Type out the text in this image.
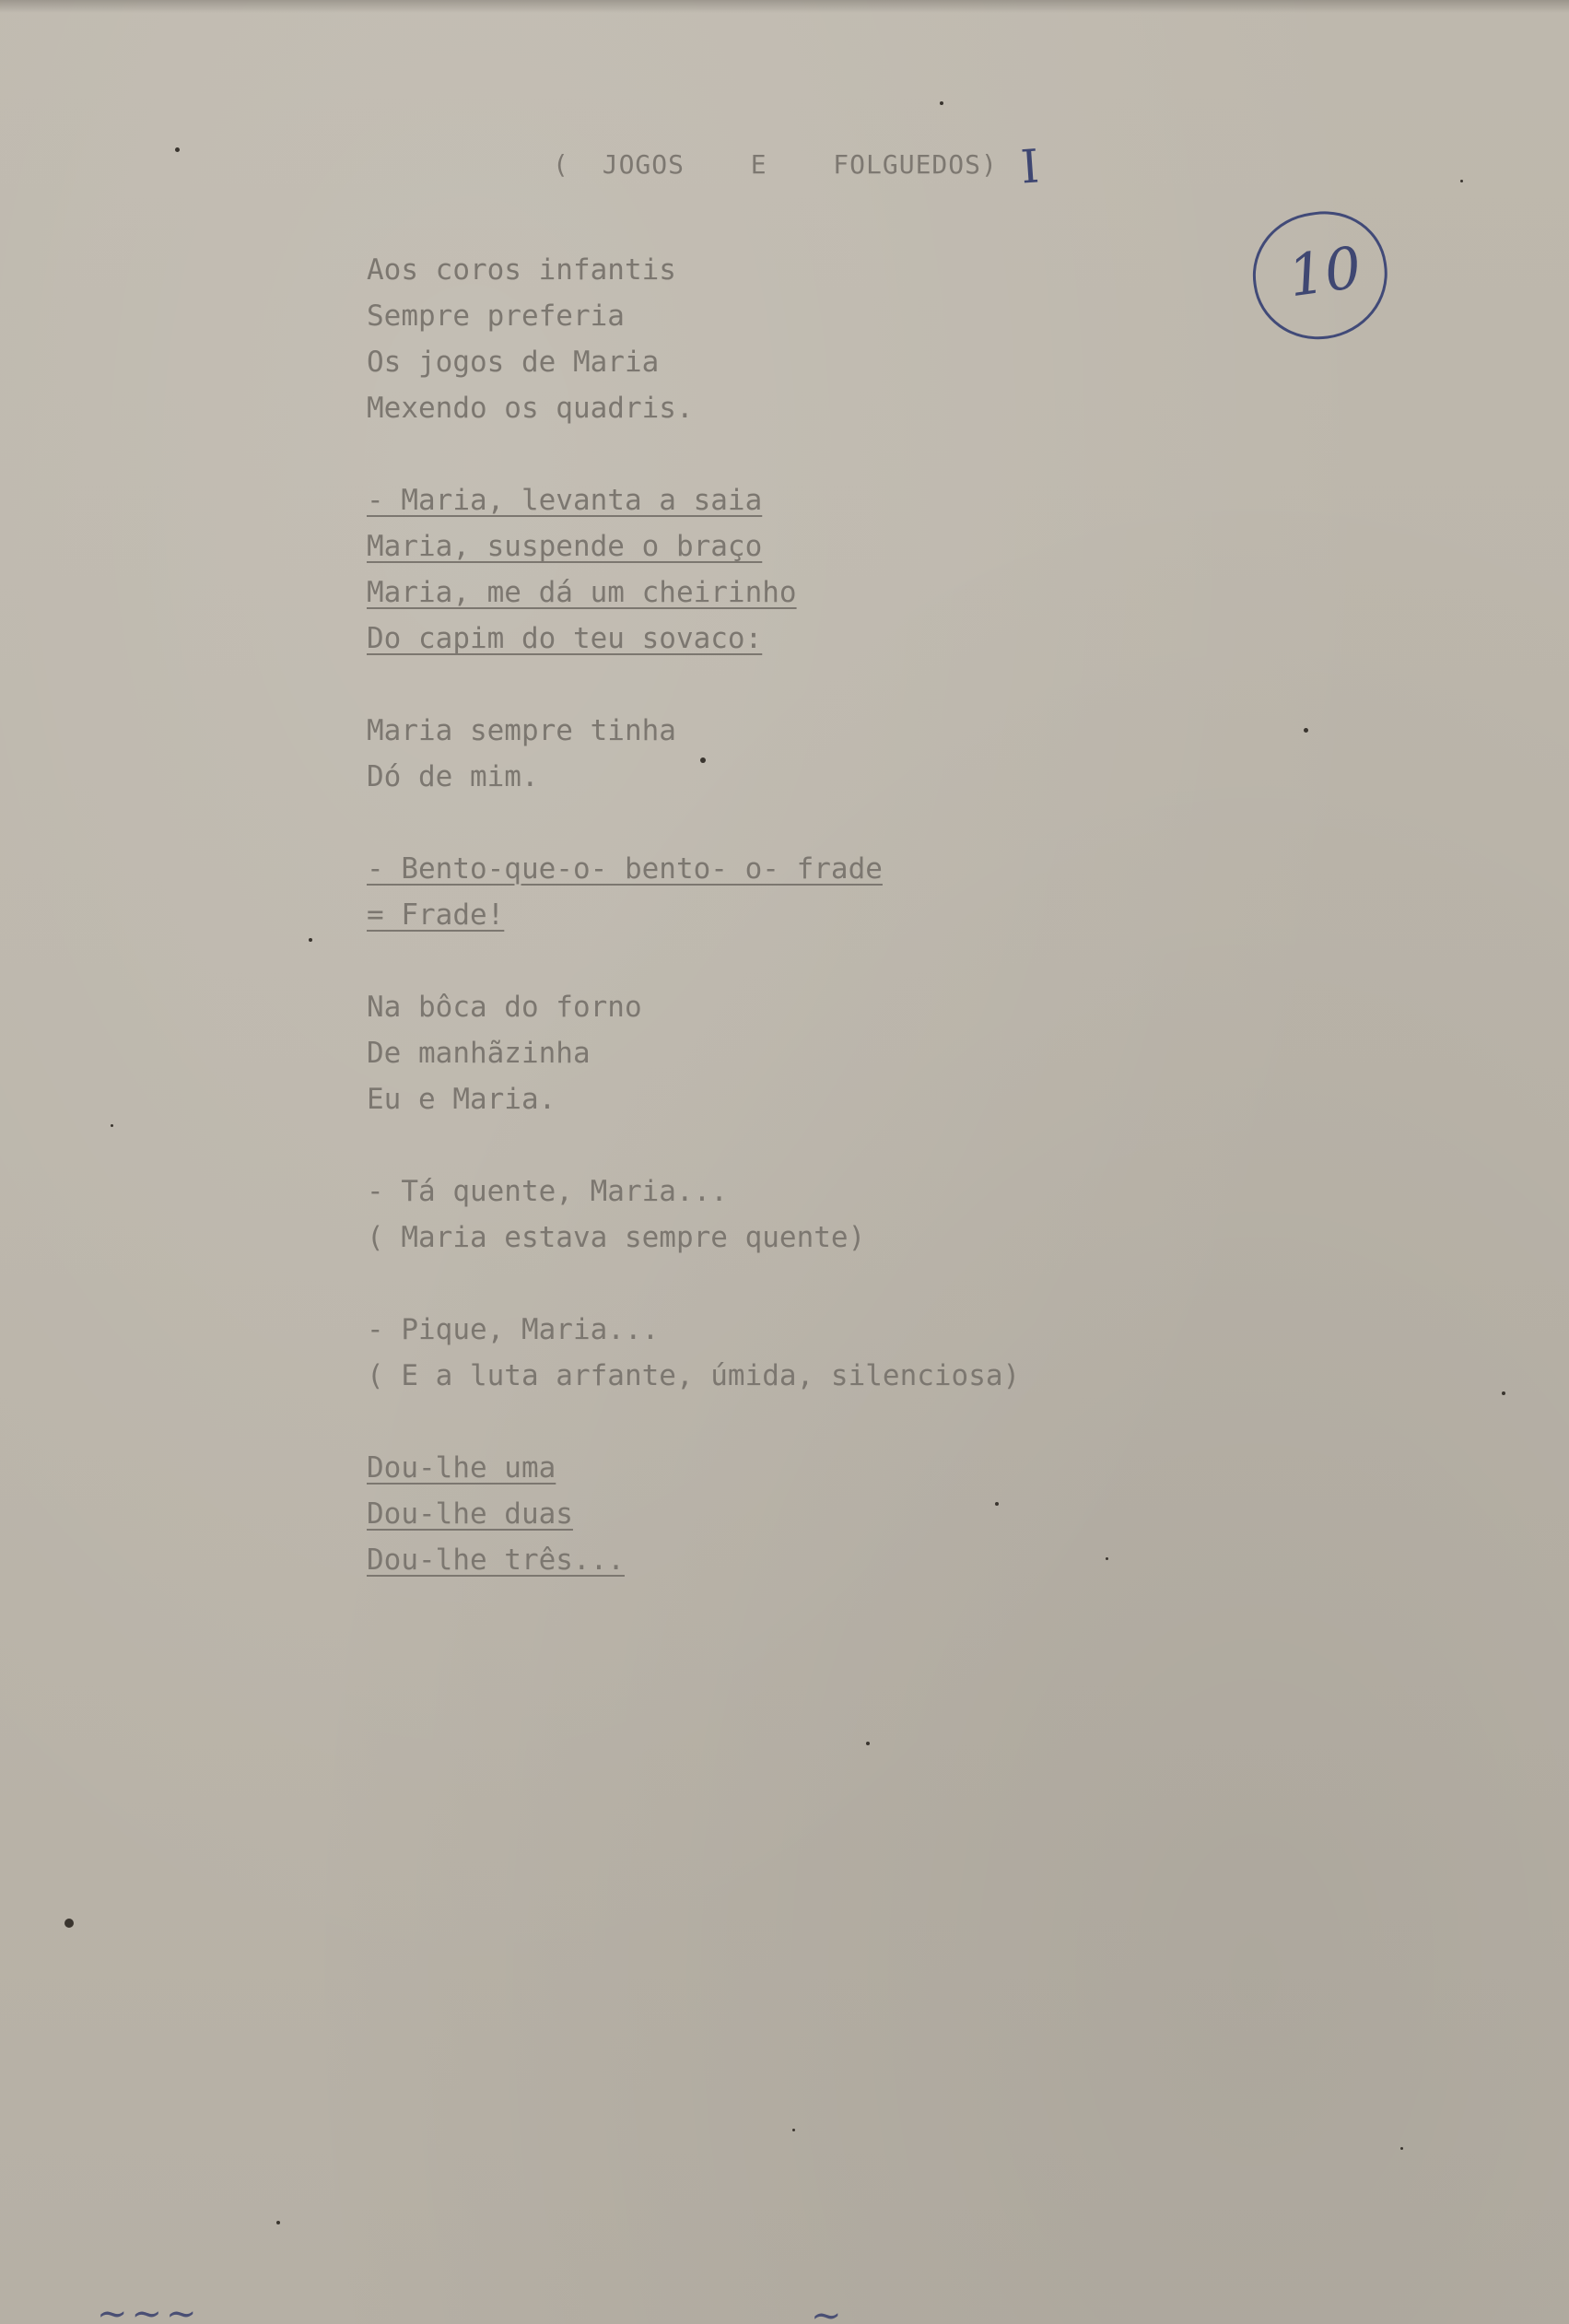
( JOGOS  E  FOLGUEDOS) I
10
Aos coros infantis
Sempre preferia
Os jogos de Maria
Mexendo os quadris.
- Maria, levanta a saia
Maria, suspende o braço
Maria, me dá um cheirinho
Do capim do teu sovaco:
Maria sempre tinha
Dó de mim.
- Bento-que-o- bento- o- frade
= Frade!
Na bôca do forno
De manhãzinha
Eu e Maria.
- Tá quente, Maria...
( Maria estava sempre quente)
- Pique, Maria...
( E a luta arfante, úmida, silenciosa)
Dou-lhe uma
Dou-lhe duas
Dou-lhe três...
~~~	~
